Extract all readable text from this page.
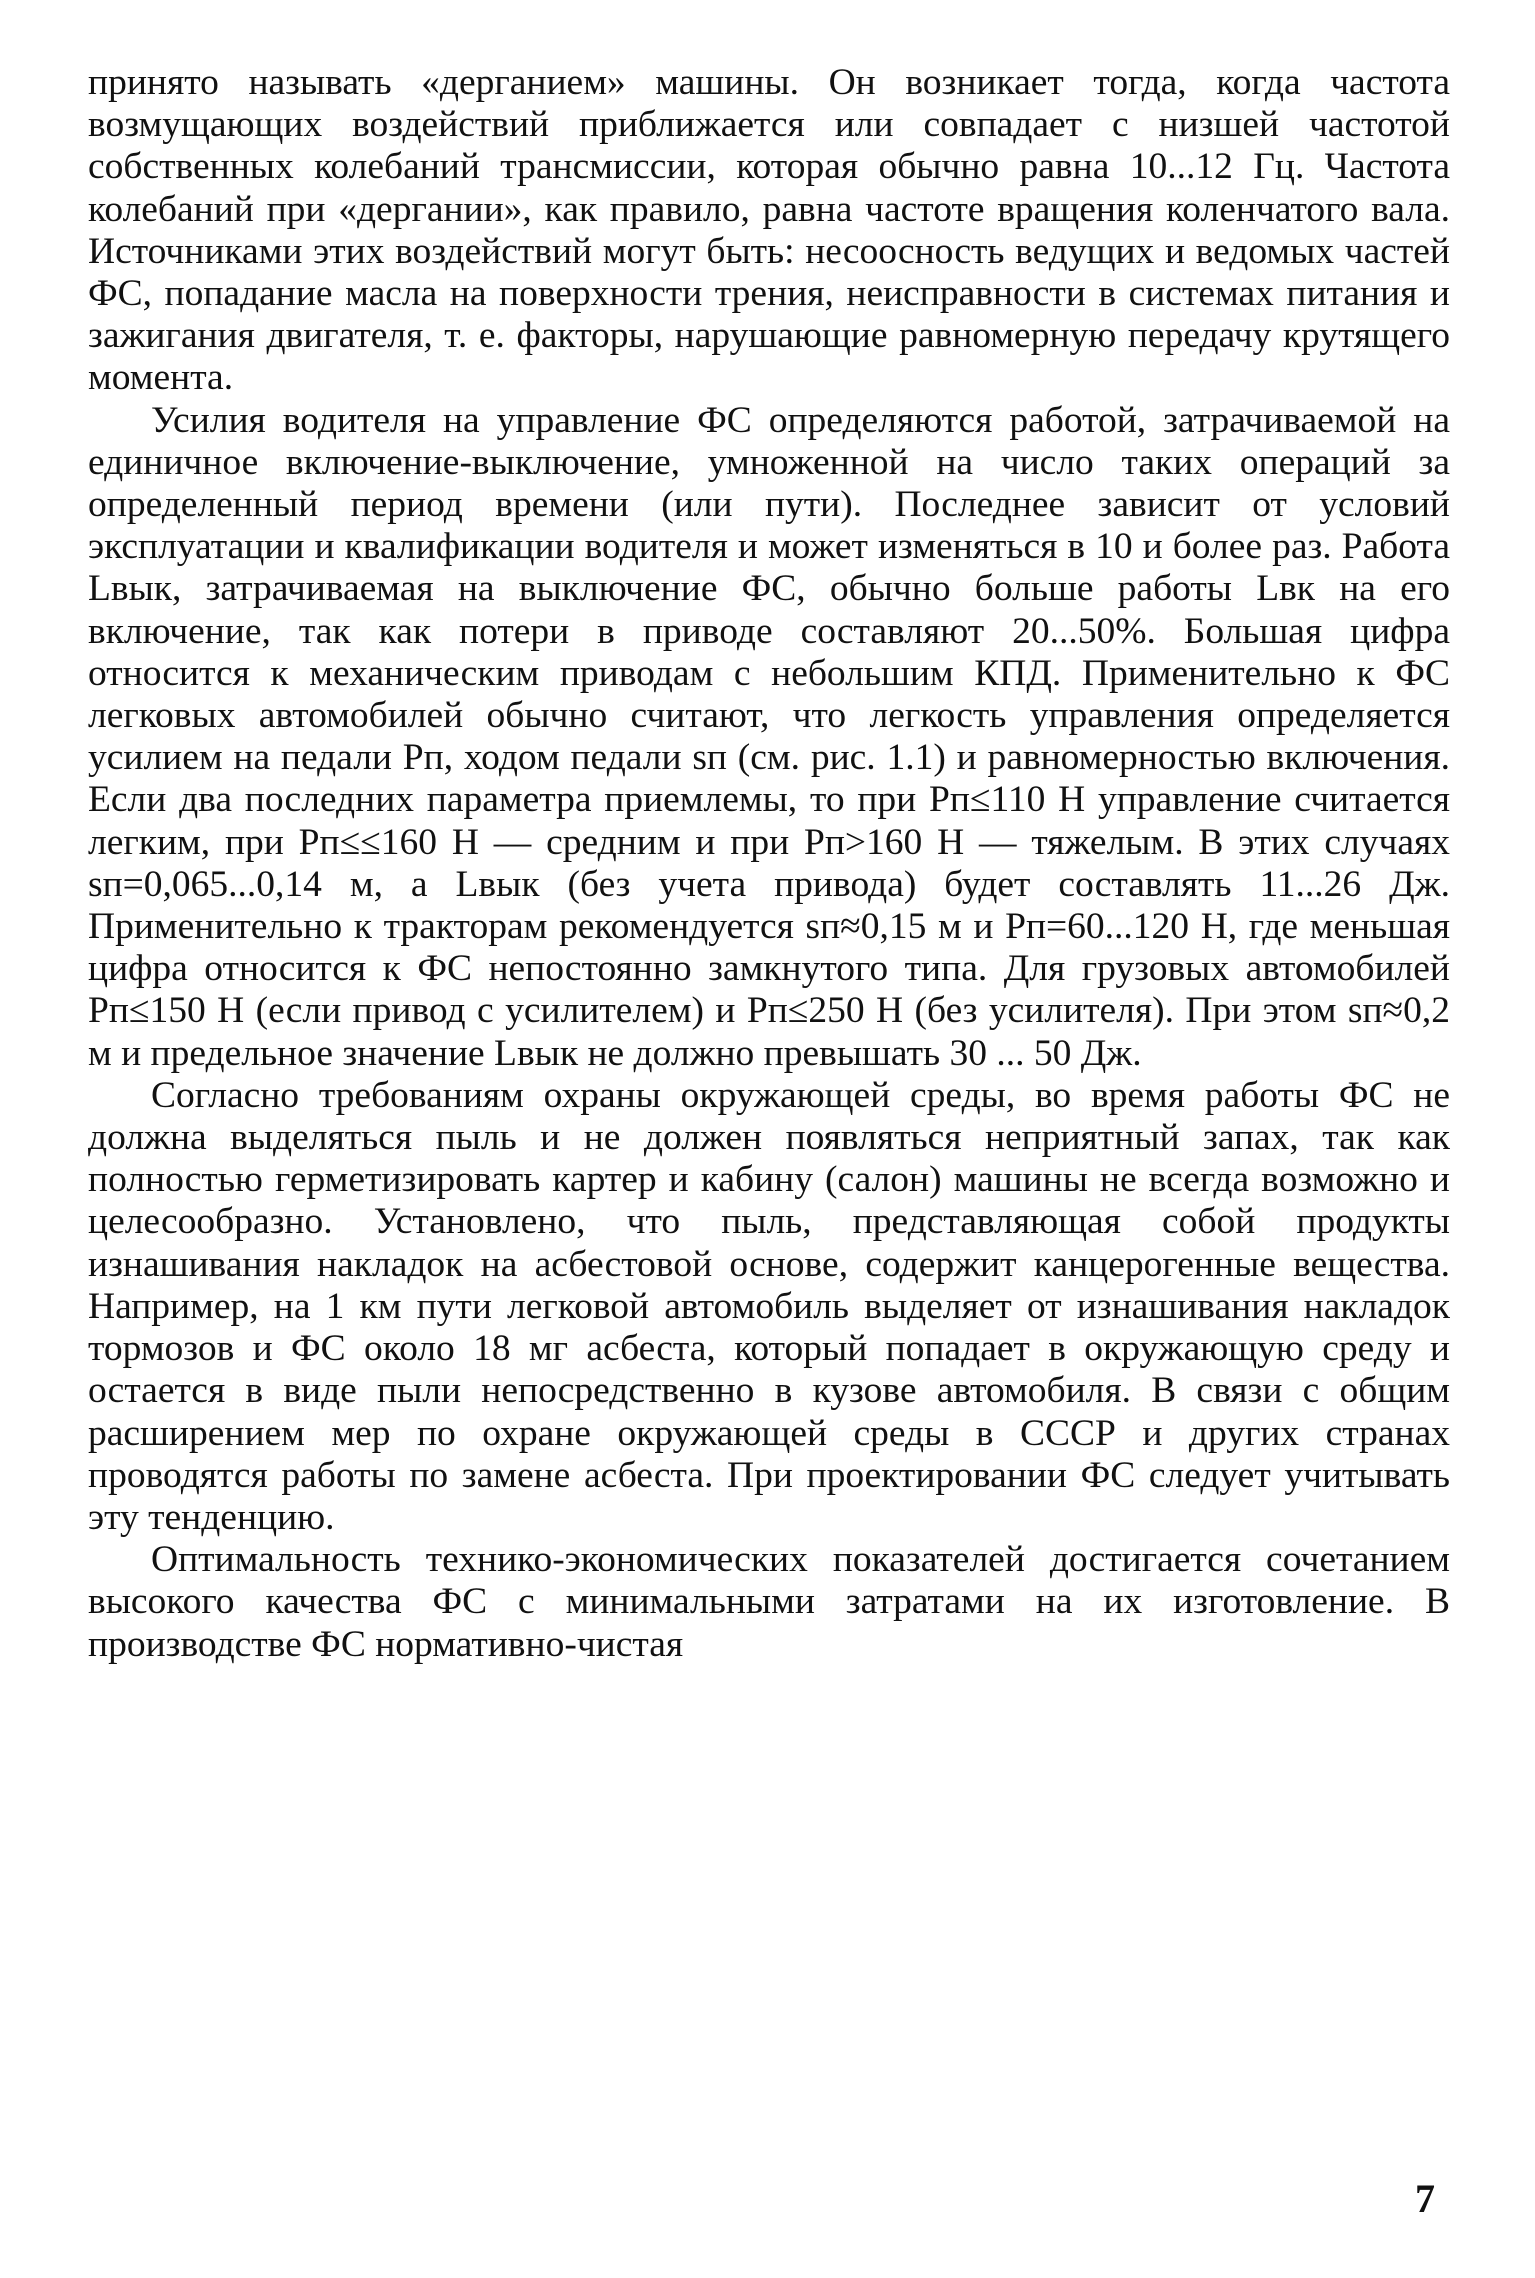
принято называть «дерганием» машины. Он возникает тогда, когда частота возмущающих воздействий приближается или совпадает с низшей частотой собственных колебаний трансмиссии, которая обычно равна 10...12 Гц. Частота колебаний при «дергании», как правило, равна частоте вращения коленчатого вала. Источниками этих воздействий могут быть: несоосность ведущих и ведомых частей ФС, попадание масла на поверхности трения, неисправности в системах питания и зажигания двигателя, т. е. факторы, нарушающие равномерную передачу крутящего момента.

Усилия водителя на управление ФС определяются работой, затрачиваемой на единичное включение-выключение, умноженной на число таких операций за определенный период времени (или пути). Последнее зависит от условий эксплуатации и квалификации водителя и может изменяться в 10 и более раз. Работа Lвык, затрачиваемая на выключение ФС, обычно больше работы Lвк на его включение, так как потери в приводе составляют 20...50%. Большая цифра относится к механическим приводам с небольшим КПД. Применительно к ФС легковых автомобилей обычно считают, что легкость управления определяется усилием на педали Pп, ходом педали sп (см. рис. 1.1) и равномерностью включения. Если два последних параметра приемлемы, то при Pп≤110 Н управление считается легким, при Pп≤≤160 Н — средним и при Pп>160 Н — тяжелым. В этих случаях sп=0,065...0,14 м, а Lвык (без учета привода) будет составлять 11...26 Дж. Применительно к тракторам рекомендуется sп≈0,15 м и Pп=60...120 Н, где меньшая цифра относится к ФС непостоянно замкнутого типа. Для грузовых автомобилей Pп≤150 Н (если привод с усилителем) и Pп≤250 Н (без усилителя). При этом sп≈0,2 м и предельное значение Lвык не должно превышать 30 ... 50 Дж.

Согласно требованиям охраны окружающей среды, во время работы ФС не должна выделяться пыль и не должен появляться неприятный запах, так как полностью герметизировать картер и кабину (салон) машины не всегда возможно и целесообразно. Установлено, что пыль, представляющая собой продукты изнашивания накладок на асбестовой основе, содержит канцерогенные вещества. Например, на 1 км пути легковой автомобиль выделяет от изнашивания накладок тормозов и ФС около 18 мг асбеста, который попадает в окружающую среду и остается в виде пыли непосредственно в кузове автомобиля. В связи с общим расширением мер по охране окружающей среды в СССР и других странах проводятся работы по замене асбеста. При проектировании ФС следует учитывать эту тенденцию.

Оптимальность технико-экономических показателей достигается сочетанием высокого качества ФС с минимальными затратами на их изготовление. В производстве ФС нормативно-чистая

7
